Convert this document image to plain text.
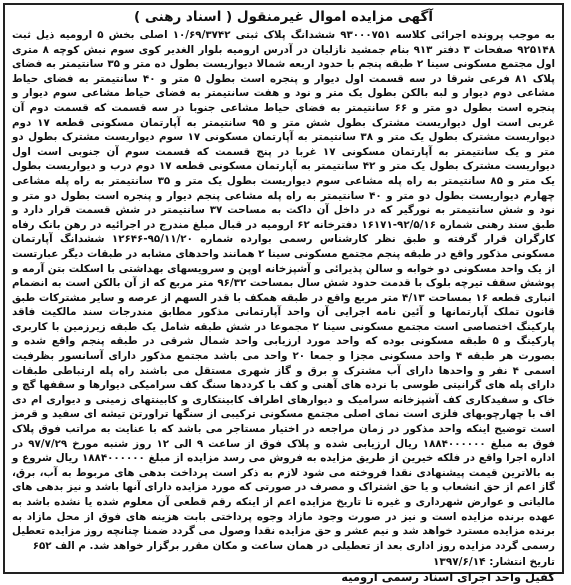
آگهی مزایده اموال غیرمنقول ( اسناد رهنی )

به موجب پرونده اجرائی کلاسه ۹۳۰۰۰۷۵۱ ششدانگ پلاک ثبتی ۱۰/۶۹/۳۷۴۲ اصلی بخش ۵ ارومیه ذیل ثبت ۹۲۵۱۴۸ صفحات ۳ دفتر ۹۱۳ بنام جمشید نازلیان در آدرس ارومیه بلوار الغدیر کوی سوم نبش کوچه ۸ متری اول مجتمع مسکونی سینا ۲ طبقه پنجم با حدود اربعه شمالا دیواریست بطول ده متر و ۳۵ سانتیمتر به فضای پلاک ۸۱ فرعی شرقا در سه قسمت اول دیوار و پنجره است بطول ۵ متر و ۴۰ سانتیمتر به فضای حیاط مشاعی دوم دیوار و لبه بالکن بطول یک متر و نود و هفت سانتیمتر به فضای حیاط مشاعی سوم دیوار و پنجره است بطول دو متر و ۶۶ سانتیمتر به فضای حیاط مشاعی جنوبا در سه قسمت که قسمت دوم آن غربی است اول دیواریست مشترک بطول شش متر و ۹۵ سانتیمتر به آپارتمان مسکونی قطعه ۱۷ دوم دیواریست مشترک بطول یک متر و ۳۸ سانتیمتر به آپارتمان مسکونی ۱۷ سوم دیواریست مشترک بطول دو متر و یک سانتیمتر به آپارتمان مسکونی ۱۷ غربا در پنج قسمت که قسمت سوم آن جنوبی است اول دیواریست مشترک بطول یک متر و ۴۲ سانتیمتر به آپارتمان مسکونی قطعه ۱۷ دوم درب و دیواریست بطول یک متر و ۸۵ سانتیمتر به راه پله مشاعی سوم دیواریست بطول یک متر و ۳۵ سانتیمتر به راه پله مشاعی چهارم دیواریست بطول دو متر و ۴۰ سانتیمتر به راه پله مشاعی پنجم دیوار و پنجره است بطول دو متر و نود و شش سانتیمتر به نورگیر که در داخل آن داکت به مساحت ۳۷ سانتیمتر در شش قسمت قرار دارد و طبق سند رهنی شماره ۹۲/۵/۱۶-۱۶۱۷۱ دفترخانه ۶۲ ارومیه در قبال مبلغ مندرج در اجرائیه در رهن بانک رفاه کارگران قرار گرفته و طبق نظر کارشناس رسمی بوارده شماره ۹۵/۱۱/۲۰-۱۲۶۴۶ ششدانگ آپارتمان مسکونی مذکور واقع در طبقه پنجم مجتمع مسکونی سینا ۲ همانند واحدهای مشابه در طبقات دیگر عبارتست از یک واحد مسکونی دو خوابه و سالن پذیرائی و آشپزخانه اوپن و سرویسهای بهداشتی با اسکلت بتن آرمه و پوشش سقف تیرچه بلوک با قدمت حدود شش سال بمساحت ۹۶/۳۲ متر مربع که از آن بالکن است به انضمام انباری قطعه ۱۶ بمساحت ۴/۱۳ متر مربع واقع در طبقه همکف با قدر السهم از عرصه و سایر مشترکات طبق قانون تملک آپارتمانها و آئین نامه اجرایی آن واحد آپارتمانی مذکور مطابق مندرجات سند مالکیت فاقد پارکینگ اختصاصی است مجتمع مسکونی سینا ۲ مجموعا در شش طبقه شامل یک طبقه زیرزمین با کاربری پارکینگ و ۵ طبقه مسکونی بوده که واحد مورد ارزیابی واحد شمال شرقی در طبقه پنجم واقع شده و بصورت هر طبقه ۴ واحد مسکونی مجزا و جمعا ۲۰ واحد می باشد مجتمع مذکور دارای آسانسور بظرفیت اسمی ۴ نفر و واحدها دارای آب مشترک و برق و گاز شهری مستقل می باشند راه پله ارتباطی طبقات دارای پله های گرانیتی طوسی با نرده های آهنی و کف با کرددها سنگ کف سرامیکی دیوارها و سقفها گچ و خاک و سفیدکاری کف آشپزخانه سرامیک و دیوارهای اطراف کابینتکاری و کابینتهای زمینی و دیواری ام دی اف با چهارچوبهای فلزی است نمای اصلی مجتمع مسکونی ترکیبی از سنگها تراورتن تیشه ای سفید و قرمز است توضیح اینکه واحد مذکور در زمان مراجعه در اختیار مستاجر می باشد که با عنایت به مراتب فوق پلاک فوق به مبلغ ۱۸۸۴۰۰۰۰۰۰ ریال ارزیابی شده و پلاک فوق از ساعت ۹ الی ۱۲ روز شنبه مورخ ۹۷/۷/۲۹ در اداره اجرا واقع در فلکه خیرین از طریق مزایده به فروش می رسد مزایده از مبلغ ۱۸۸۴۰۰۰۰۰۰ ریال شروع و به بالاترین قیمت پیشنهادی نقدا فروخته می شود لازم به ذکر است پرداخت بدهی های مربوط به آب، برق، گاز اعم از حق انشعاب و یا حق اشتراک و مصرف در صورتی که مورد مزایده دارای آنها باشد و نیز بدهی های مالیاتی و عوارض شهرداری و غیره تا تاریخ مزایده اعم از اینکه رقم قطعی آن معلوم شده یا نشده باشد به عهده برنده مزایده است و نیز در صورت وجود مازاد وجوه پرداختی بابت هزینه های فوق از محل مازاد به برنده مزایده مسترد خواهد شد و نیم عشر و حق مزایده نقدا وصول می گردد ضمنا چنانچه روز مزایده تعطیل رسمی گردد مزایده روز اداری بعد از تعطیلی در همان ساعت و مکان مقرر برگزار خواهد شد. م الف ۶۵۲

تاریخ انتشار: ۱۳۹۷/۶/۱۴
کفیل واحد اجرای اسناد رسمی ارومیه
